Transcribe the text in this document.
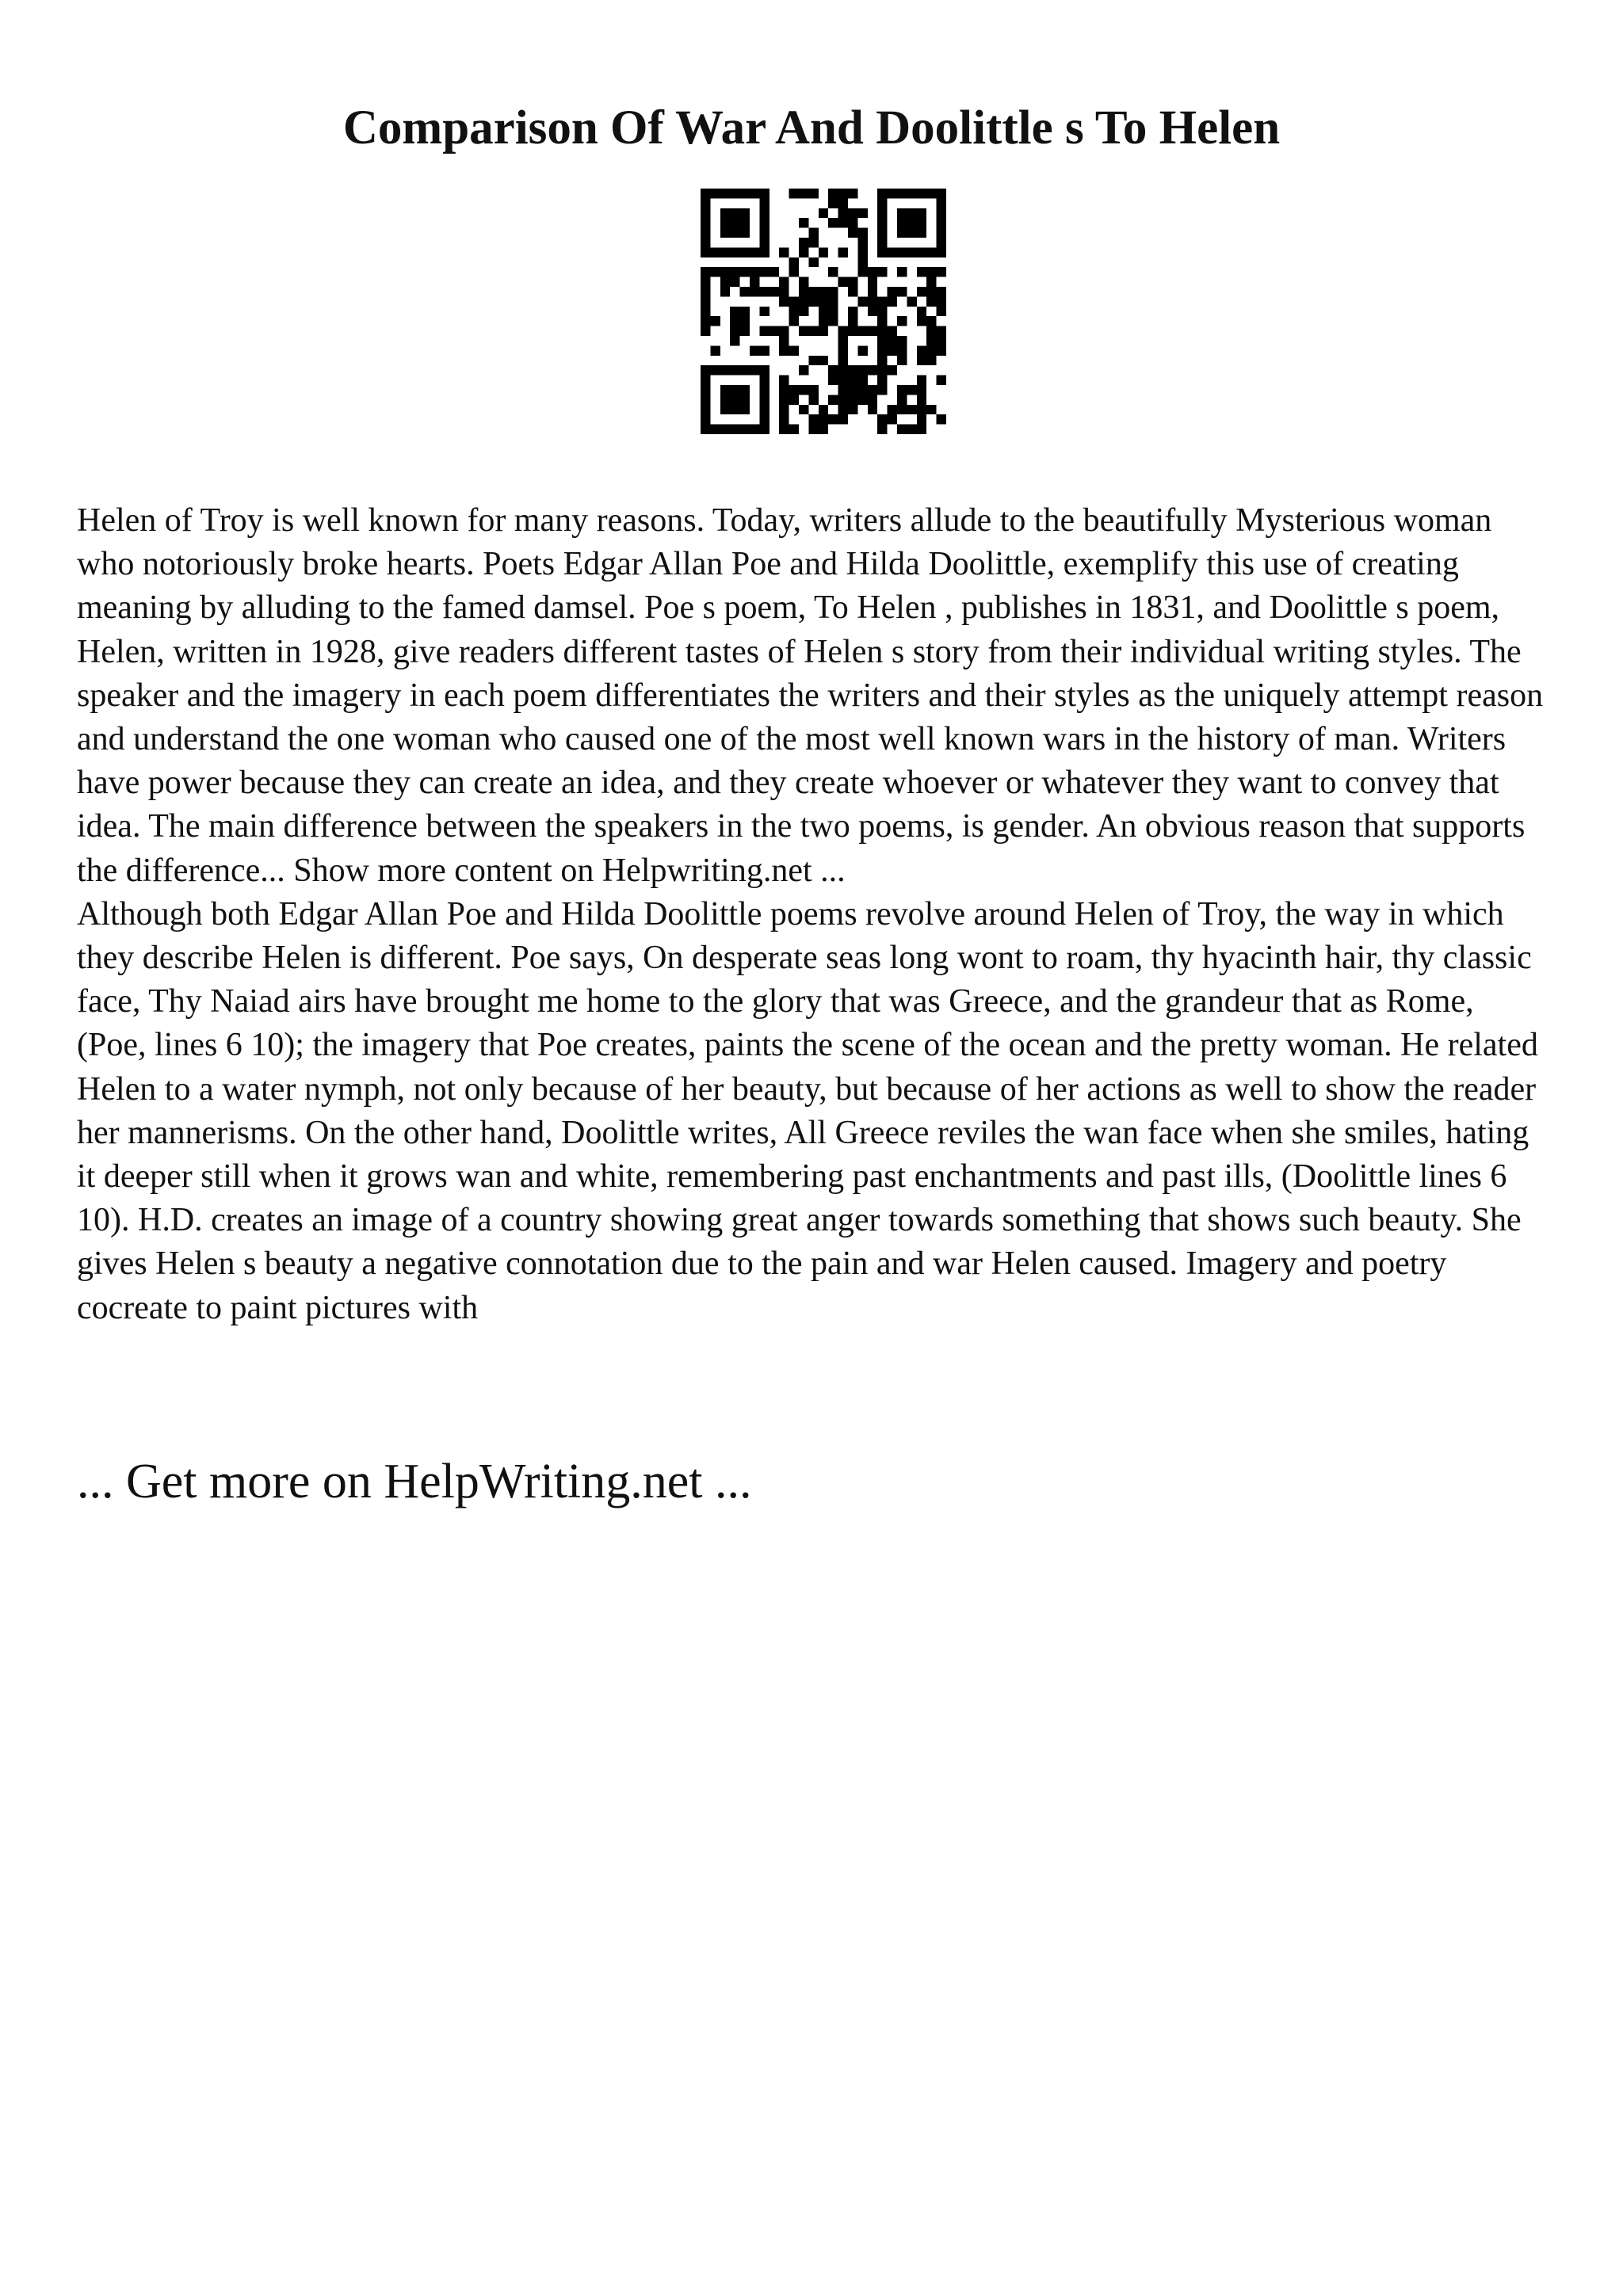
Comparison Of War And Doolittle s To Helen

Helen of Troy is well known for many reasons. Today, writers allude to the beautifully Mysterious woman who notoriously broke hearts. Poets Edgar Allan Poe and Hilda Doolittle, exemplify this use of creating meaning by alluding to the famed damsel. Poe s poem, To Helen , publishes in 1831, and Doolittle s poem, Helen, written in 1928, give readers different tastes of Helen s story from their individual writing styles. The speaker and the imagery in each poem differentiates the writers and their styles as the uniquely attempt reason and understand the one woman who caused one of the most well known wars in the history of man. Writers have power because they can create an idea, and they create whoever or whatever they want to convey that idea. The main difference between the speakers in the two poems, is gender. An obvious reason that supports the difference... Show more content on Helpwriting.net ...

Although both Edgar Allan Poe and Hilda Doolittle poems revolve around Helen of Troy, the way in which they describe Helen is different. Poe says, On desperate seas long wont to roam, thy hyacinth hair, thy classic face, Thy Naiad airs have brought me home to the glory that was Greece, and the grandeur that as Rome, (Poe, lines 6 10); the imagery that Poe creates, paints the scene of the ocean and the pretty woman. He related Helen to a water nymph, not only because of her beauty, but because of her actions as well to show the reader her mannerisms. On the other hand, Doolittle writes, All Greece reviles the wan face when she smiles, hating it deeper still when it grows wan and white, remembering past enchantments and past ills, (Doolittle lines 6 10). H.D. creates an image of a country showing great anger towards something that shows such beauty. She gives Helen s beauty a negative connotation due to the pain and war Helen caused. Imagery and poetry cocreate to paint pictures with

... Get more on HelpWriting.net ...
